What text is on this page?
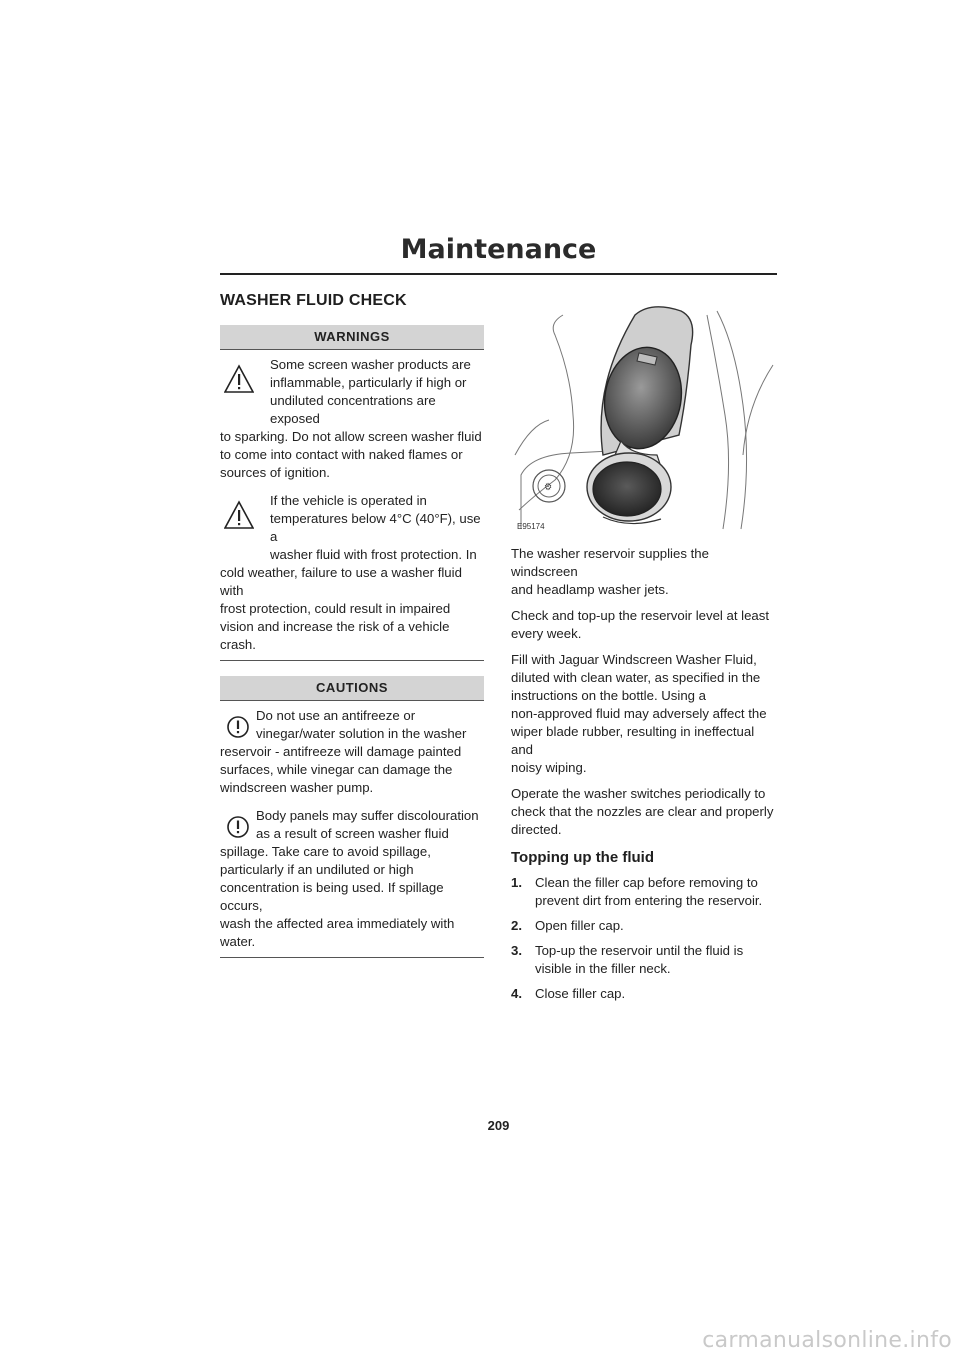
Maintenance
WASHER FLUID CHECK
WARNINGS
Some screen washer products are
inflammable, particularly if high or
undiluted concentrations are exposed
to sparking. Do not allow screen washer fluid
to come into contact with naked flames or
sources of ignition.
If the vehicle is operated in
temperatures below 4°C (40°F), use a
washer fluid with frost protection. In
cold weather, failure to use a washer fluid with
frost protection, could result in impaired
vision and increase the risk of a vehicle crash.
CAUTIONS
Do not use an antifreeze or
vinegar/water solution in the washer
reservoir - antifreeze will damage painted
surfaces, while vinegar can damage the
windscreen washer pump.
Body panels may suffer discolouration
as a result of screen washer fluid
spillage. Take care to avoid spillage,
particularly if an undiluted or high
concentration is being used. If spillage occurs,
wash the affected area immediately with water.
⚙
E95174
The washer reservoir supplies the windscreen
and headlamp washer jets.
Check and top-up the reservoir level at least
every week.
Fill with Jaguar Windscreen Washer Fluid,
diluted with clean water, as specified in the
instructions on the bottle. Using a
non-approved fluid may adversely affect the
wiper blade rubber, resulting in ineffectual and
noisy wiping.
Operate the washer switches periodically to
check that the nozzles are clear and properly
directed.
Topping up the fluid
1. Clean the filler cap before removing to
prevent dirt from entering the reservoir.
2. Open filler cap.
3. Top-up the reservoir until the fluid is
visible in the filler neck.
4. Close filler cap.
209
carmanualsonline.info
